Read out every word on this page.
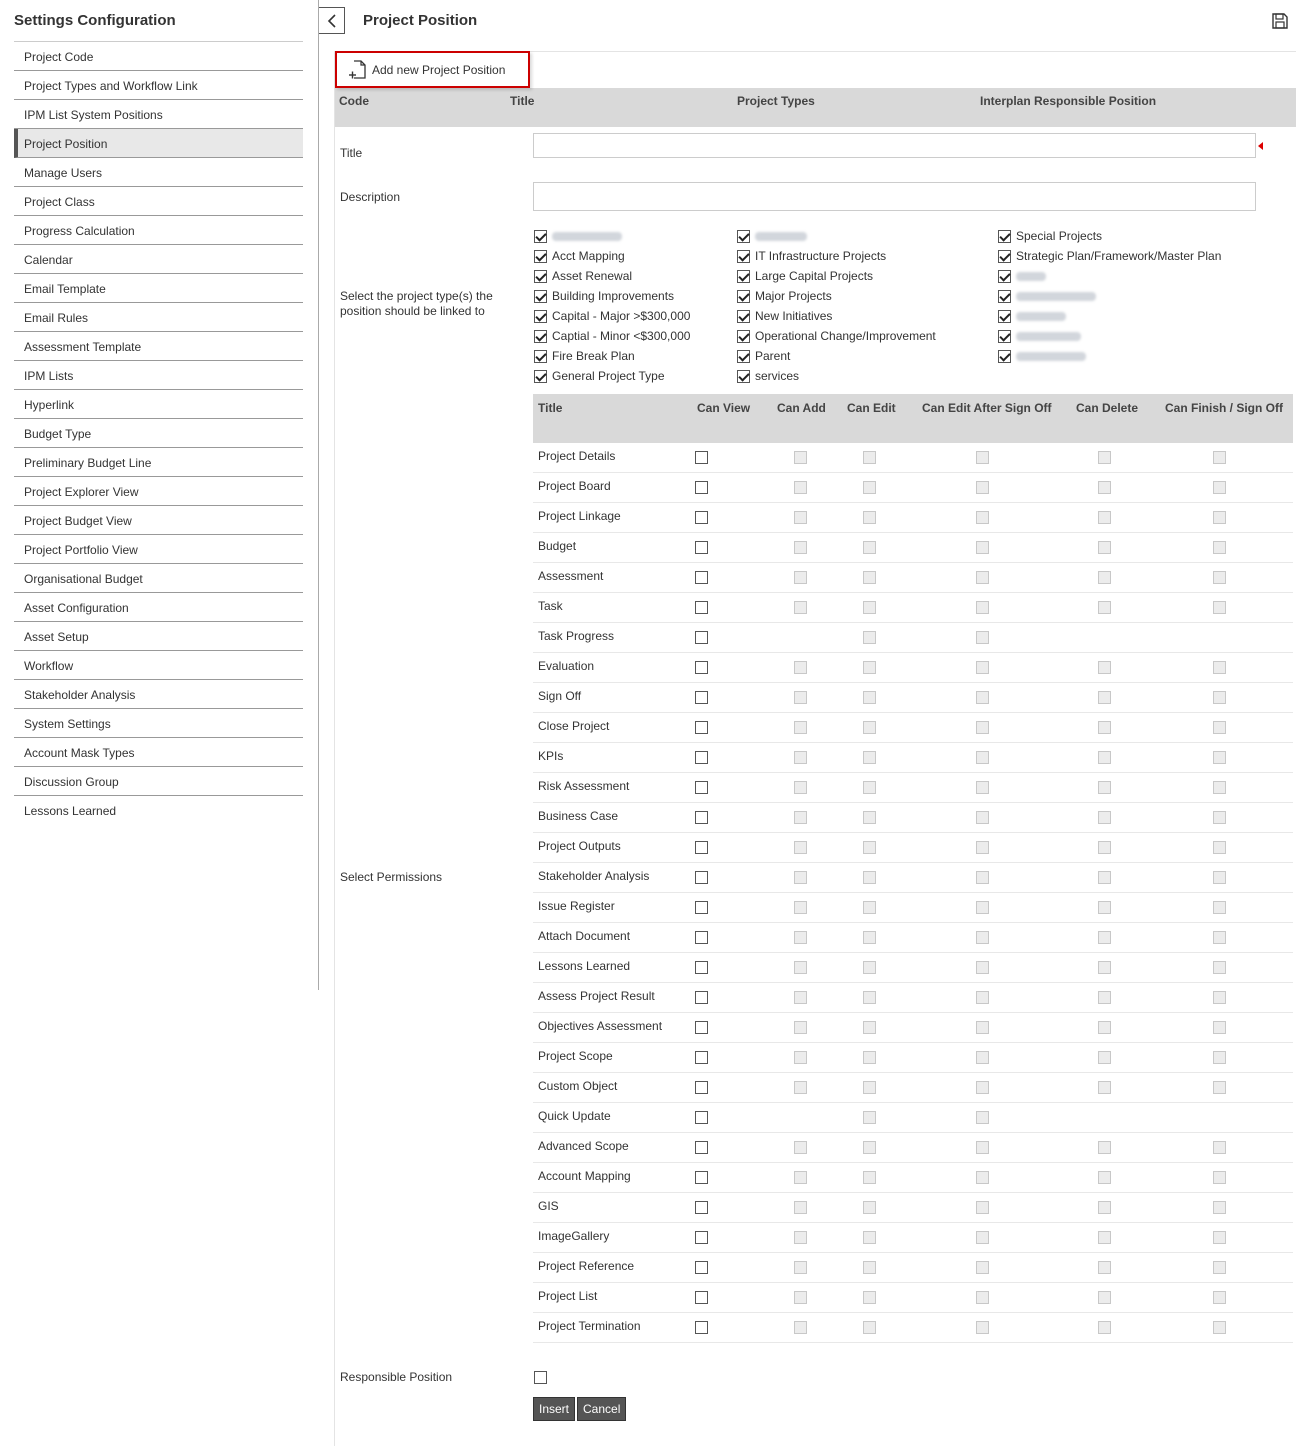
Settings Configuration
Project Code
Project Types and Workflow Link
IPM List System Positions
Project Position
Manage Users
Project Class
Progress Calculation
Calendar
Email Template
Email Rules
Assessment Template
IPM Lists
Hyperlink
Budget Type
Preliminary Budget Line
Project Explorer View
Project Budget View
Project Portfolio View
Organisational Budget
Asset Configuration
Asset Setup
Workflow
Stakeholder Analysis
System Settings
Account Mask Types
Discussion Group
Lessons Learned
Project Position
Add new Project Position
Code	Title	Project Types	Interplan Responsible Position
Title
Description
Select the project type(s) the position should be linked to
Acct Mapping
Asset Renewal
Building Improvements
Capital - Major >$300,000
Captial - Minor <$300,000
Fire Break Plan
General Project Type
IT Infrastructure Projects
Large Capital Projects
Major Projects
New Initiatives
Operational Change/Improvement
Parent
services
Special Projects
Strategic Plan/Framework/Master Plan
Select Permissions
Title	Can View Can Add Can Edit Can Edit After Sign Off Can Delete Can Finish / Sign Off
Project Details
Project Board
Project Linkage
Budget
Assessment
Task
Task Progress
Evaluation
Sign Off
Close Project
KPIs
Risk Assessment
Business Case
Project Outputs
Stakeholder Analysis
Issue Register
Attach Document
Lessons Learned
Assess Project Result
Objectives Assessment
Project Scope
Custom Object
Quick Update
Advanced Scope
Account Mapping
GIS
ImageGallery
Project Reference
Project List
Project Termination
Responsible Position
Insert	Cancel
